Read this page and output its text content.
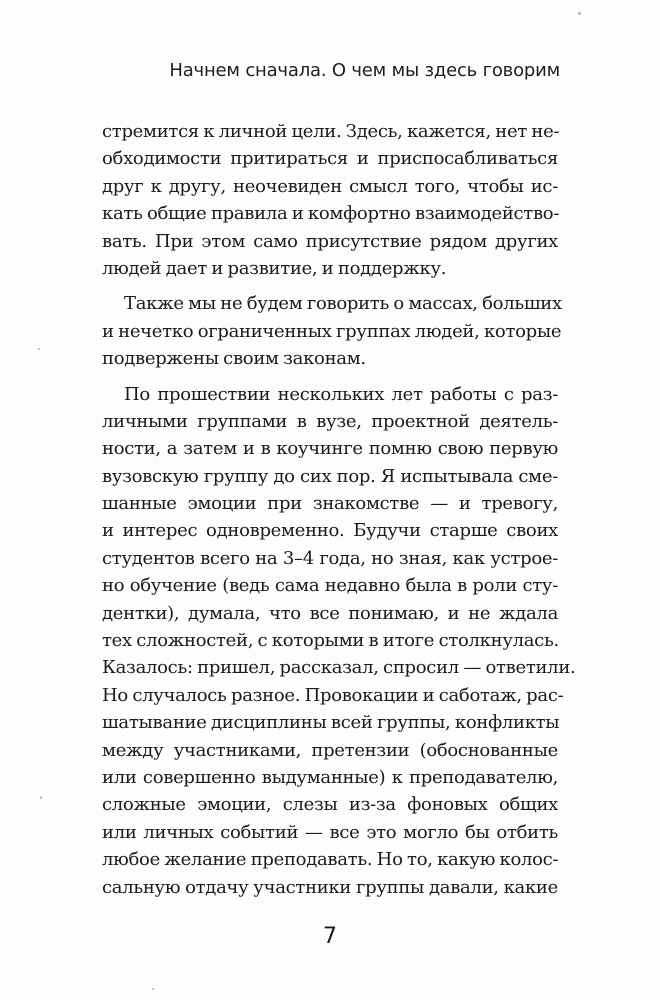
Начнем сначала. О чем мы здесь говорим
стремится к личной цели. Здесь, кажется, нет не-
обходимости притираться и приспосабливаться
друг к другу, неочевиден смысл того, чтобы ис-
кать общие правила и комфортно взаимодейство-
вать. При этом само присутствие рядом других
людей дает и развитие, и поддержку.
Также мы не будем говорить о массах, больших
и нечетко ограниченных группах людей, которые
подвержены своим законам.
По прошествии нескольких лет работы с раз-
личными группами в вузе, проектной деятель-
ности, а затем и в коучинге помню свою первую
вузовскую группу до сих пор. Я испытывала сме-
шанные эмоции при знакомстве — и тревогу,
и интерес одновременно. Будучи старше своих
студентов всего на 3–4 года, но зная, как устрое-
но обучение (ведь сама недавно была в роли сту-
дентки), думала, что все понимаю, и не ждала
тех сложностей, с которыми в итоге столкнулась.
Казалось: пришел, рассказал, спросил — ответили.
Но случалось разное. Провокации и саботаж, рас-
шатывание дисциплины всей группы, конфликты
между участниками, претензии (обоснованные
или совершенно выдуманные) к преподавателю,
сложные эмоции, слезы из-за фоновых общих
или личных событий — все это могло бы отбить
любое желание преподавать. Но то, какую колос-
сальную отдачу участники группы давали, какие
7
